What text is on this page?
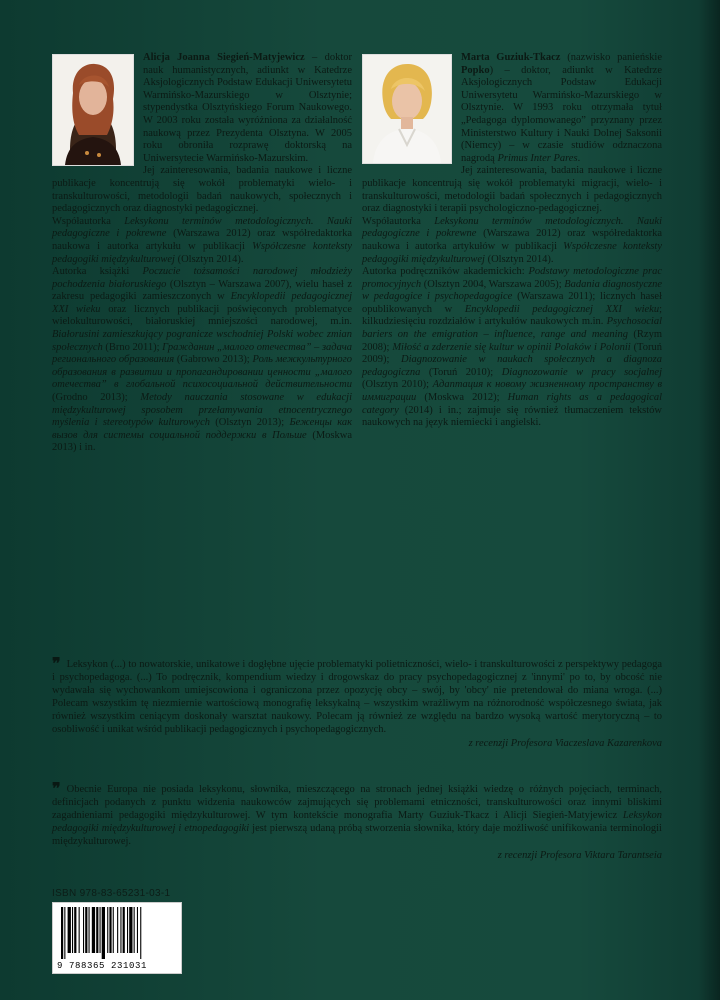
Alicja Joanna Siegień-Matyjewicz – doktor nauk humanistycznych, adiunkt w Katedrze Aksjologicznych Podstaw Edukacji Uniwersytetu Warmińsko-Mazurskiego w Olsztynie; stypendystka Olsztyńskiego Forum Naukowego. W 2003 roku została wyróżniona za działalność naukową przez Prezydenta Olsztyna. W 2005 roku obroniła rozprawę doktorską na Uniwersytecie Warmińsko-Mazurskim.

Jej zainteresowania, badania naukowe i liczne publikacje koncentrują się wokół problematyki wielo- i transkulturowości, metodologii badań naukowych, społecznych i pedagogicznych oraz diagnostyki pedagogicznej.

Współautorka Leksykonu terminów metodologicznych. Nauki pedagogiczne i pokrewne (Warszawa 2012) oraz współredaktorka naukowa i autorka artykułu w publikacji Współczesne konteksty pedagogiki międzykulturowej (Olsztyn 2014).

Autorka książki Poczucie tożsamości narodowej młodzieży pochodzenia białoruskiego (Olsztyn – Warszawa 2007), wielu haseł z zakresu pedagogiki zamieszczonych w Encyklopedii pedagogicznej XXI wieku oraz licznych publikacji poświęconych problematyce wielokulturowości, białoruskiej mniejszości narodowej, m.in. Białorusini zamieszkujący pogranicze wschodniej Polski wobec zmian społecznych (Brno 2011); Гражданин „малого отечества” – задача регионального образования (Gabrowo 2013); Роль межкультурного образования в развитии и пропагандировании ценности „малого отечества” в глобальной психосоциальной действительности (Grodno 2013); Metody nauczania stosowane w edukacji międzykulturowej sposobem przełamywania etnocentrycznego myślenia i stereotypów kulturowych (Olsztyn 2013); Беженцы как вызов для системы социальной поддержки в Польше (Moskwa 2013) i in.

Marta Guziuk-Tkacz (nazwisko panieńskie Popko) – doktor, adiunkt w Katedrze Aksjologicznych Podstaw Edukacji Uniwersytetu Warmińsko-Mazurskiego w Olsztynie. W 1993 roku otrzymała tytuł „Pedagoga dyplomowanego” przyznany przez Ministerstwo Kultury i Nauki Dolnej Saksonii (Niemcy) – w czasie studiów odznaczona nagrodą Primus Inter Pares.

Jej zainteresowania, badania naukowe i liczne publikacje koncentrują się wokół problematyki migracji, wielo- i transkulturowości, metodologii badań społecznych i pedagogicznych oraz diagnostyki i terapii psychologiczno-pedagogicznej.

Współautorka Leksykonu terminów metodologicznych. Nauki pedagogiczne i pokrewne (Warszawa 2012) oraz współredaktorka naukowa i autorka artykułów w publikacji Współczesne konteksty pedagogiki międzykulturowej (Olsztyn 2014).

Autorka podręczników akademickich: Podstawy metodologiczne prac promocyjnych (Olsztyn 2004, Warszawa 2005); Badania diagnostyczne w pedagogice i psychopedagogice (Warszawa 2011); licznych haseł opublikowanych w Encyklopedii pedagogicznej XXI wieku; kilkudziesięciu rozdziałów i artykułów naukowych m.in. Psychosocial bariers on the emigration – influence, range and meaning (Rzym 2008); Miłość a zderzenie się kultur w opinii Polaków i Polonii (Toruń 2009); Diagnozowanie w naukach społecznych a diagnoza pedagogiczna (Toruń 2010); Diagnozowanie w pracy socjalnej (Olsztyn 2010); Адаптация к новому жизненному пространству в иммиграции (Moskwa 2012); Human rights as a pedagogical category (2014) i in.; zajmuje się również tłumaczeniem tekstów naukowych na język niemiecki i angielski.

❞ Leksykon (...) to nowatorskie, unikatowe i dogłębne ujęcie problematyki polietniczności, wielo- i transkulturowości z perspektywy pedagoga i psychopedagoga. (...) To podręcznik, kompendium wiedzy i drogowskaz do pracy psychopedagogicznej z 'innymi' po to, by obcość nie wydawała się wychowankom umiejscowiona i ograniczona przez opozycję obcy – swój, by 'obcy' nie pretendował do miana wroga. (...) Polecam wszystkim tę niezmiernie wartościową monografię leksykalną – wszystkim wrażliwym na różnorodność współczesnego świata, jak również wszystkim ceniącym doskonały warsztat naukowy. Polecam ją również ze względu na bardzo wysoką wartość merytoryczną – to osobliwość i unikat wśród publikacji pedagogicznych i psychopedagogicznych.

z recenzji Profesora Viaczeslava Kazarenkova

❞ Obecnie Europa nie posiada leksykonu, słownika, mieszczącego na stronach jednej książki wiedzę o różnych pojęciach, terminach, definicjach podanych z punktu widzenia naukowców zajmujących się problemami etniczności, transkulturowości oraz innymi bliskimi zagadnieniami pedagogiki międzykulturowej. W tym kontekście monografia Marty Guziuk-Tkacz i Alicji Siegień-Matyjewicz Leksykon pedagogiki międzykulturowej i etnopedagogiki jest pierwszą udaną próbą stworzenia słownika, który daje możliwość unifikowania terminologii międzykulturowej.

z recenzji Profesora Viktara Tarantseia
ISBN 978-83-65231-03-1
9 788365 231031
